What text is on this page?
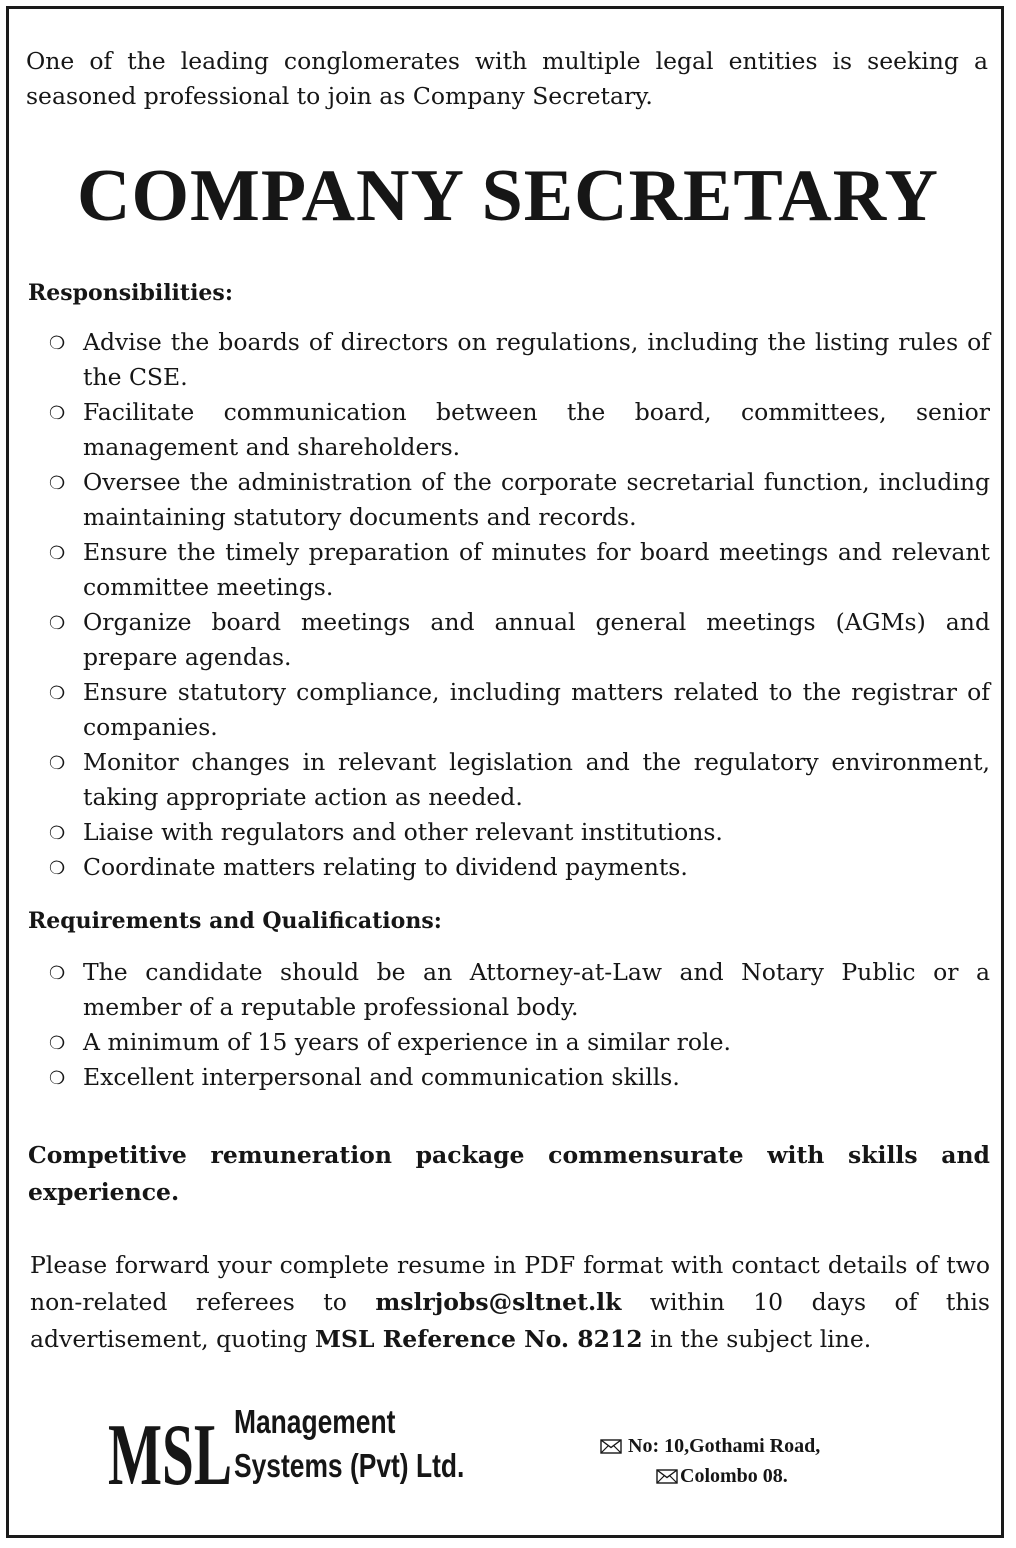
One of the leading conglomerates with multiple legal entities is seeking a seasoned professional to join as Company Secretary.

COMPANY SECRETARY
Responsibilities:
❍ Advise the boards of directors on regulations, including the listing rules of the CSE.
❍ Facilitate communication between the board, committees, senior management and shareholders.
❍ Oversee the administration of the corporate secretarial function, including maintaining statutory documents and records.
❍ Ensure the timely preparation of minutes for board meetings and relevant committee meetings.
❍ Organize board meetings and annual general meetings (AGMs) and prepare agendas.
❍ Ensure statutory compliance, including matters related to the registrar of companies.
❍ Monitor changes in relevant legislation and the regulatory environment, taking appropriate action as needed.
❍ Liaise with regulators and other relevant institutions.
❍ Coordinate matters relating to dividend payments.
Requirements and Qualifications:
❍ The candidate should be an Attorney-at-Law and Notary Public or a member of a reputable professional body.
❍ A minimum of 15 years of experience in a similar role.
❍ Excellent interpersonal and communication skills.

Competitive remuneration package commensurate with skills and experience.

Please forward your complete resume in PDF format with contact details of two non-related referees to mslrjobs@sltnet.lk within 10 days of this advertisement, quoting MSL Reference No. 8212 in the subject line.

MSL Management
Systems (Pvt) Ltd.
No: 10,Gothami Road,
Colombo 08.
